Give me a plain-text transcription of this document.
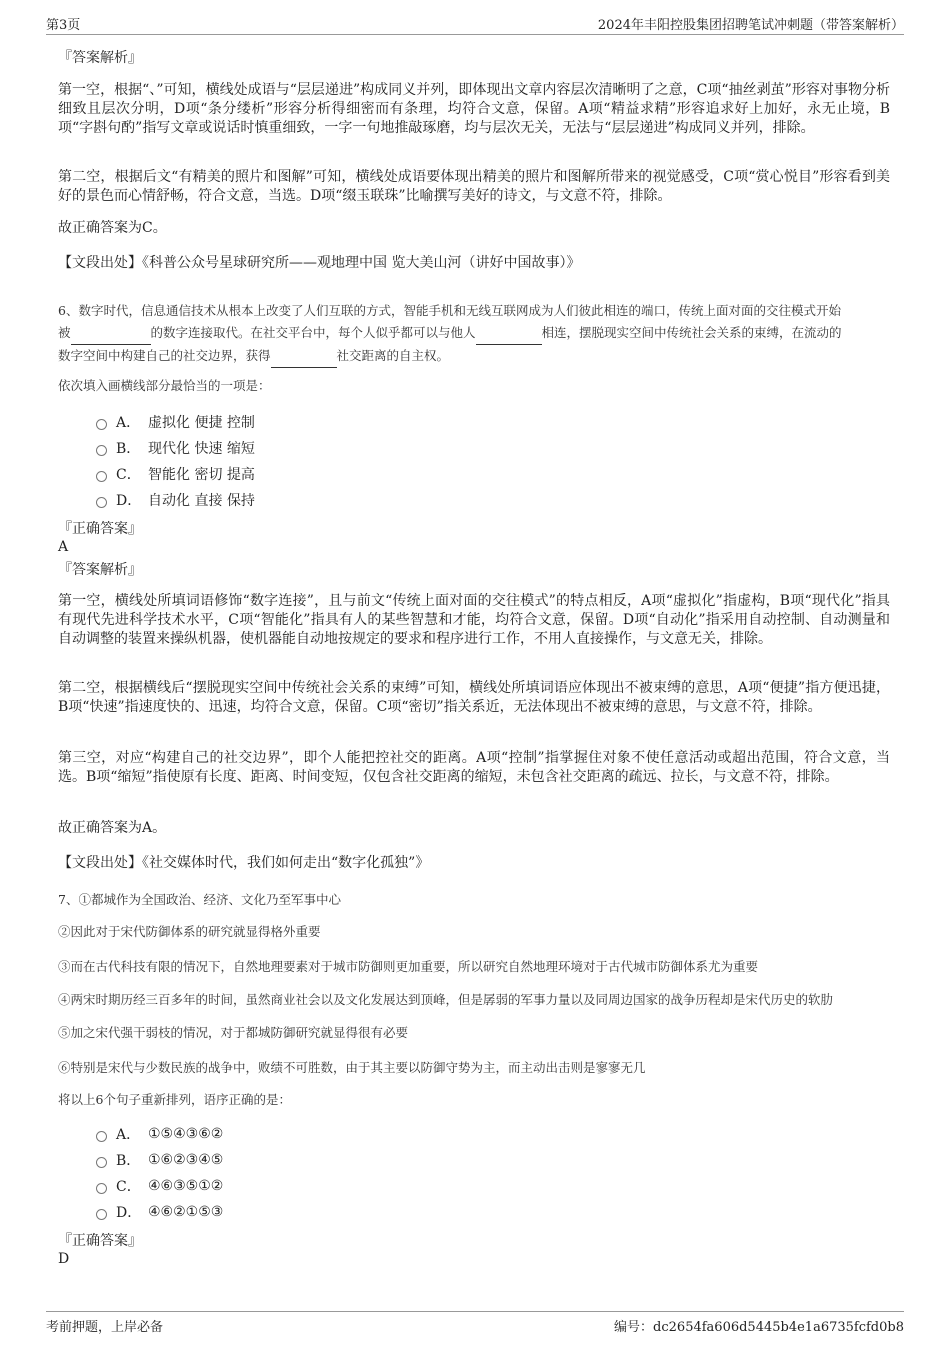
第3页	2024年丰阳控股集团招聘笔试冲刺题（带答案解析）
『答案解析』
第一空，根据“、”可知，横线处成语与“层层递进”构成同义并列，即体现出文章内容层次清晰明了之意，C项“抽丝剥茧”形容对事物分析细致且层次分明，D项“条分缕析”形容分析得细密而有条理，均符合文意，保留。A项“精益求精”形容追求好上加好，永无止境，B项“字斟句酌”指写文章或说话时慎重细致，一字一句地推敲琢磨，均与层次无关，无法与“层层递进”构成同义并列，排除。
第二空，根据后文“有精美的照片和图解”可知，横线处成语要体现出精美的照片和图解所带来的视觉感受，C项“赏心悦目”形容看到美好的景色而心情舒畅，符合文意，当选。D项“缀玉联珠”比喻撰写美好的诗文，与文意不符，排除。
故正确答案为C。
【文段出处】《科普公众号星球研究所——观地理中国 览大美山河（讲好中国故事）》
6、数字时代，信息通信技术从根本上改变了人们互联的方式，智能手机和无线互联网成为人们彼此相连的端口，传统上面对面的交往模式开始
被	的数字连接取代。在社交平台中，每个人似乎都可以与他人	相连，摆脱现实空间中传统社会关系的束缚，在流动的
数字空间中构建自己的社交边界，获得	社交距离的自主权。
依次填入画横线部分最恰当的一项是：
A． 虚拟化 便捷 控制
B． 现代化 快速 缩短
C． 智能化 密切 提高
D． 自动化 直接 保持
『正确答案』
A
『答案解析』
第一空，横线处所填词语修饰“数字连接”，且与前文“传统上面对面的交往模式”的特点相反，A项“虚拟化”指虚构，B项“现代化”指具有现代先进科学技术水平，C项“智能化”指具有人的某些智慧和才能，均符合文意，保留。D项“自动化”指采用自动控制、自动测量和自动调整的装置来操纵机器，使机器能自动地按规定的要求和程序进行工作，不用人直接操作，与文意无关，排除。
第二空，根据横线后“摆脱现实空间中传统社会关系的束缚”可知，横线处所填词语应体现出不被束缚的意思，A项“便捷”指方便迅捷，B项“快速”指速度快的、迅速，均符合文意，保留。C项“密切”指关系近，无法体现出不被束缚的意思，与文意不符，排除。
第三空，对应“构建自己的社交边界”，即个人能把控社交的距离。A项“控制”指掌握住对象不使任意活动或超出范围，符合文意，当选。B项“缩短”指使原有长度、距离、时间变短，仅包含社交距离的缩短，未包含社交距离的疏远、拉长，与文意不符，排除。
故正确答案为A。
【文段出处】《社交媒体时代，我们如何走出“数字化孤独”》
7、①都城作为全国政治、经济、文化乃至军事中心
②因此对于宋代防御体系的研究就显得格外重要
③而在古代科技有限的情况下，自然地理要素对于城市防御则更加重要，所以研究自然地理环境对于古代城市防御体系尤为重要
④两宋时期历经三百多年的时间，虽然商业社会以及文化发展达到顶峰，但是孱弱的军事力量以及同周边国家的战争历程却是宋代历史的软肋
⑤加之宋代强干弱枝的情况，对于都城防御研究就显得很有必要
⑥特别是宋代与少数民族的战争中，败绩不可胜数，由于其主要以防御守势为主，而主动出击则是寥寥无几
将以上6个句子重新排列，语序正确的是：
A． ①⑤④③⑥②
B． ①⑥②③④⑤
C． ④⑥③⑤①②
D． ④⑥②①⑤③
『正确答案』
D
考前押题，上岸必备	编号：dc2654fa606d5445b4e1a6735fcfd0b8
